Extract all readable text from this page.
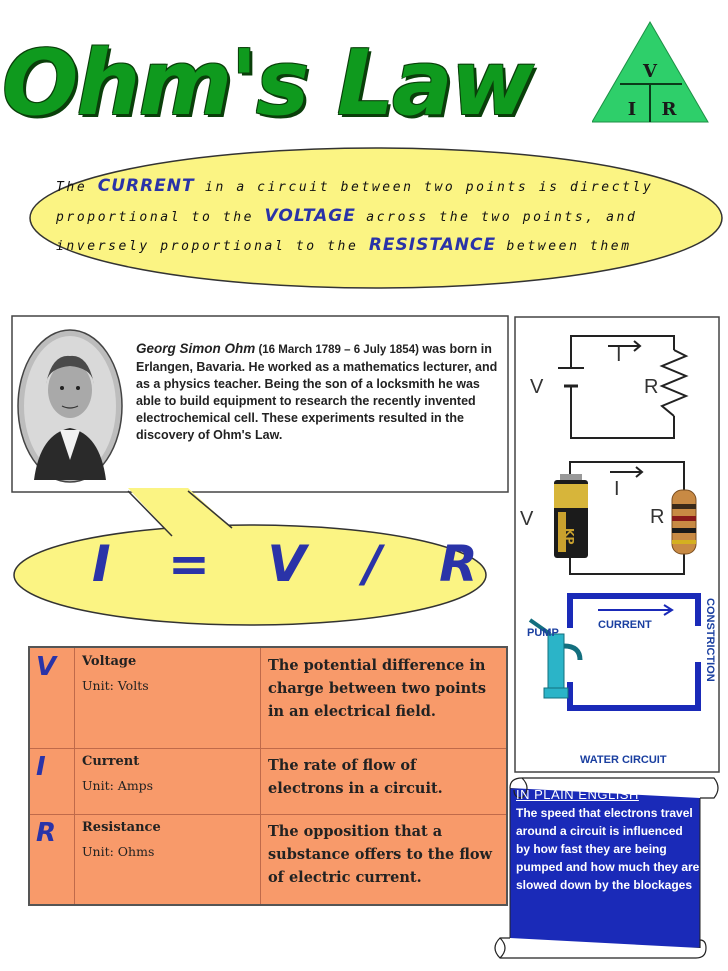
Ohm's Law	V
I R
The CURRENT in a circuit between two points is directly
proportional to the VOLTAGE across the two points, and
inversely proportional to the RESISTANCE between them
Georg Simon Ohm (16 March 1789 – 6 July 1854) was born in Erlangen, Bavaria. He worked as a mathematics lecturer, and as a physics teacher. Being the son of a locksmith he was able to build equipment to research the recently invented electrochemical cell. These experiments resulted in the discovery of Ohm's Law.
I = V / R	KP
V
I
R
V
I
R
CURRENT
PUMP	CONSTRICTION
WATER CIRCUIT
V Voltage
Unit: Volts
The potential difference in charge between two points in an electrical field.
I	Current
Unit: Amps
The rate of flow of electrons in a circuit.
R Resistance
Unit: Ohms
The opposition that a substance offers to the flow of electric current.
IN PLAIN ENGLISH
The speed that electrons travel around a circuit is influenced by how fast they are being pumped and how much they are slowed down by the blockages
